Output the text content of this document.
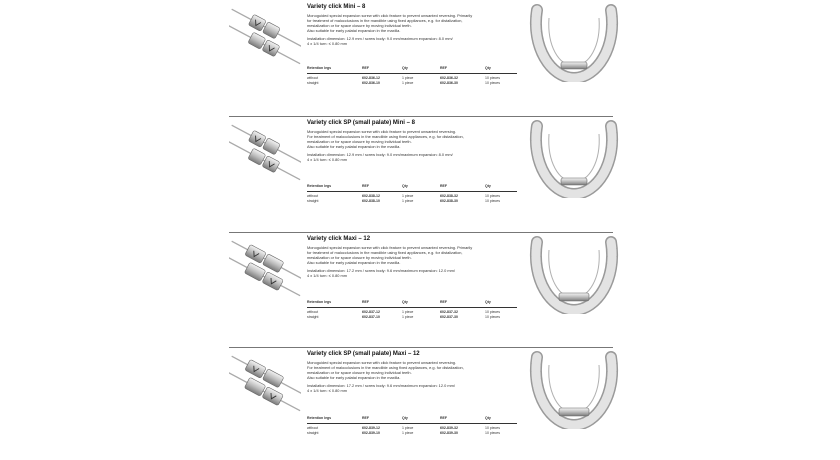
Variety click Mini – 8
Monoguided special expansion screw with click feature to prevent unwanted reversing. Primarily
for treatment of malocclusions in the mandible using fixed appliances, e.g. for distalization,
mesialization or for space closure by moving individual teeth.
Also suitable for early palatal expansion in the maxilla.
Installation dimension: 12.9 mm / screw body: 9.0 mm/maximum expansion: 8.0 mm/
4 x 1/4 turn: ≤ 0.80 mm
Retention legs	REF	Qty	REF	Qty
without	602-836-12	1 piece	602-836-32	10 pieces
straight	602-836-10	1 piece	602-836-30	10 pieces
Variety click SP (small palate) Mini – 8
Monoguided special expansion screw with click feature to prevent unwanted reversing.
For treatment of malocclusions in the mandible using fixed appliances, e.g. for distalization,
mesialization or for space closure by moving individual teeth.
Also suitable for early palatal expansion in the maxilla.
Installation dimension: 12.9 mm / screw body: 9.0 mm/maximum expansion: 8.0 mm/
4 x 1/4 turn: ≤ 0.80 mm
Retention legs	REF	Qty	REF	Qty
without	602-838-12	1 piece	602-838-32	10 pieces
straight	602-838-10	1 piece	602-838-30	10 pieces
Variety click Maxi – 12
Monoguided special expansion screw with click feature to prevent unwanted reversing. Primarily
for treatment of malocclusions in the mandible using fixed appliances, e.g. for distalization,
mesialization or for space closure by moving individual teeth.
Also suitable for early palatal expansion in the maxilla.
Installation dimension: 17.2 mm / screw body: 9.6 mm/maximum expansion: 12.0 mm/
4 x 1/4 turn: ≤ 0.80 mm
Retention legs	REF	Qty	REF	Qty
without	602-837-12	1 piece	602-837-32	10 pieces
straight	602-837-10	1 piece	602-837-30	10 pieces
Variety click SP (small palate) Maxi – 12
Monoguided special expansion screw with click feature to prevent unwanted reversing.
For treatment of malocclusions in the mandible using fixed appliances, e.g. for distalization,
mesialization or for space closure by moving individual teeth.
Also suitable for early palatal expansion in the maxilla.
Installation dimension: 17.2 mm / screw body: 9.6 mm/maximum expansion: 12.0 mm/
4 x 1/4 turn: ≤ 0.80 mm
Retention legs	REF	Qty	REF	Qty
without	602-839-12	1 piece	602-839-32	10 pieces
straight	602-839-10	1 piece	602-839-30	10 pieces
